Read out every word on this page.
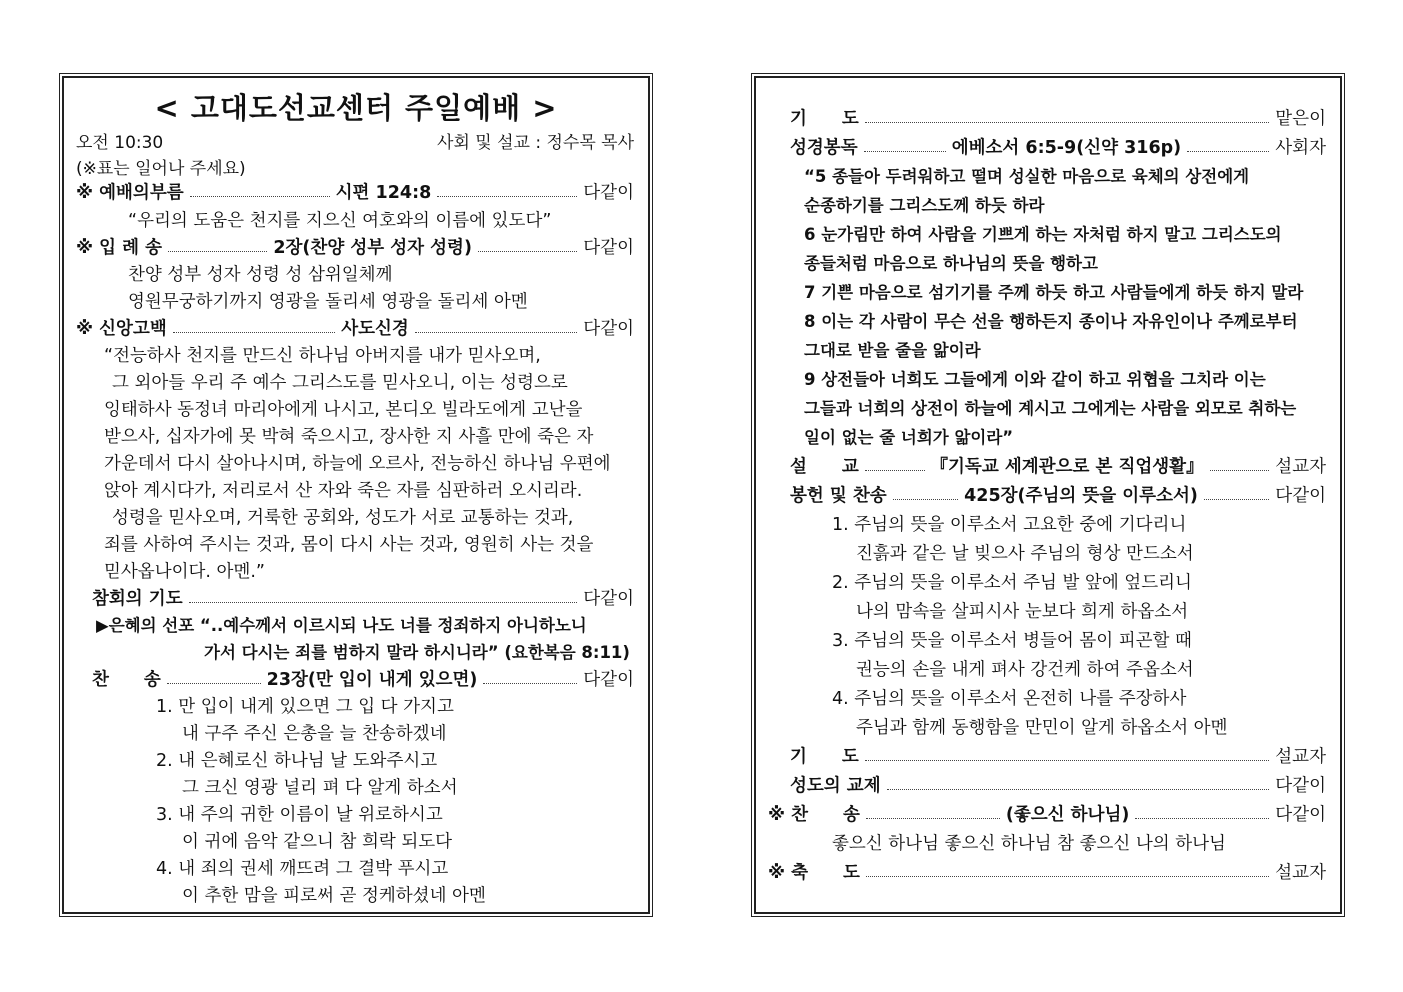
< 고대도선교센터 주일예배 >
오전 10:30	사회 및 설교 : 정수목 목사
(※표는 일어나 주세요)
※ 예배의부름	시편 124:8	다같이
“우리의 도움은 천지를 지으신 여호와의 이름에 있도다”
※ 입 례 송	2장(찬양 성부 성자 성령)	다같이
찬양 성부 성자 성령 성 삼위일체께
영원무궁하기까지 영광을 돌리세 영광을 돌리세 아멘
※ 신앙고백	사도신경	다같이
“전능하사 천지를 만드신 하나님 아버지를 내가 믿사오며,
그 외아들 우리 주 예수 그리스도를 믿사오니, 이는 성령으로
잉태하사 동정녀 마리아에게 나시고, 본디오 빌라도에게 고난을
받으사, 십자가에 못 박혀 죽으시고, 장사한 지 사흘 만에 죽은 자
가운데서 다시 살아나시며, 하늘에 오르사, 전능하신 하나님 우편에
앉아 계시다가, 저리로서 산 자와 죽은 자를 심판하러 오시리라.
성령을 믿사오며, 거룩한 공회와, 성도가 서로 교통하는 것과,
죄를 사하여 주시는 것과, 몸이 다시 사는 것과, 영원히 사는 것을
믿사옵나이다. 아멘.”
참회의 기도	다같이
▶은혜의 선포 “..예수께서 이르시되 나도 너를 정죄하지 아니하노니
가서 다시는 죄를 범하지 말라 하시니라” (요한복음 8:11)
찬　　송	23장(만 입이 내게 있으면)	다같이
1. 만 입이 내게 있으면 그 입 다 가지고
내 구주 주신 은총을 늘 찬송하겠네
2. 내 은혜로신 하나님 날 도와주시고
그 크신 영광 널리 펴 다 알게 하소서
3. 내 주의 귀한 이름이 날 위로하시고
이 귀에 음악 같으니 참 희락 되도다
4. 내 죄의 권세 깨뜨려 그 결박 푸시고
이 추한 맘을 피로써 곧 정케하셨네 아멘
기　　도	맡은이
성경봉독	에베소서 6:5-9(신약 316p)	사회자
“5 종들아 두려워하고 떨며 성실한 마음으로 육체의 상전에게
순종하기를 그리스도께 하듯 하라
6 눈가림만 하여 사람을 기쁘게 하는 자처럼 하지 말고 그리스도의
종들처럼 마음으로 하나님의 뜻을 행하고
7 기쁜 마음으로 섬기기를 주께 하듯 하고 사람들에게 하듯 하지 말라
8 이는 각 사람이 무슨 선을 행하든지 종이나 자유인이나 주께로부터
그대로 받을 줄을 앎이라
9 상전들아 너희도 그들에게 이와 같이 하고 위협을 그치라 이는
그들과 너희의 상전이 하늘에 계시고 그에게는 사람을 외모로 취하는
일이 없는 줄 너희가 앎이라”
설　　교	『기독교 세계관으로 본 직업생활』	설교자
봉헌 및 찬송	425장(주님의 뜻을 이루소서)	다같이
1. 주님의 뜻을 이루소서 고요한 중에 기다리니
진흙과 같은 날 빚으사 주님의 형상 만드소서
2. 주님의 뜻을 이루소서 주님 발 앞에 엎드리니
나의 맘속을 살피시사 눈보다 희게 하옵소서
3. 주님의 뜻을 이루소서 병들어 몸이 피곤할 때
권능의 손을 내게 펴사 강건케 하여 주옵소서
4. 주님의 뜻을 이루소서 온전히 나를 주장하사
주님과 함께 동행함을 만민이 알게 하옵소서 아멘
기　　도	설교자
성도의 교제	다같이
※ 찬　　송	(좋으신 하나님)	다같이
좋으신 하나님 좋으신 하나님 참 좋으신 나의 하나님
※ 축　　도	설교자
